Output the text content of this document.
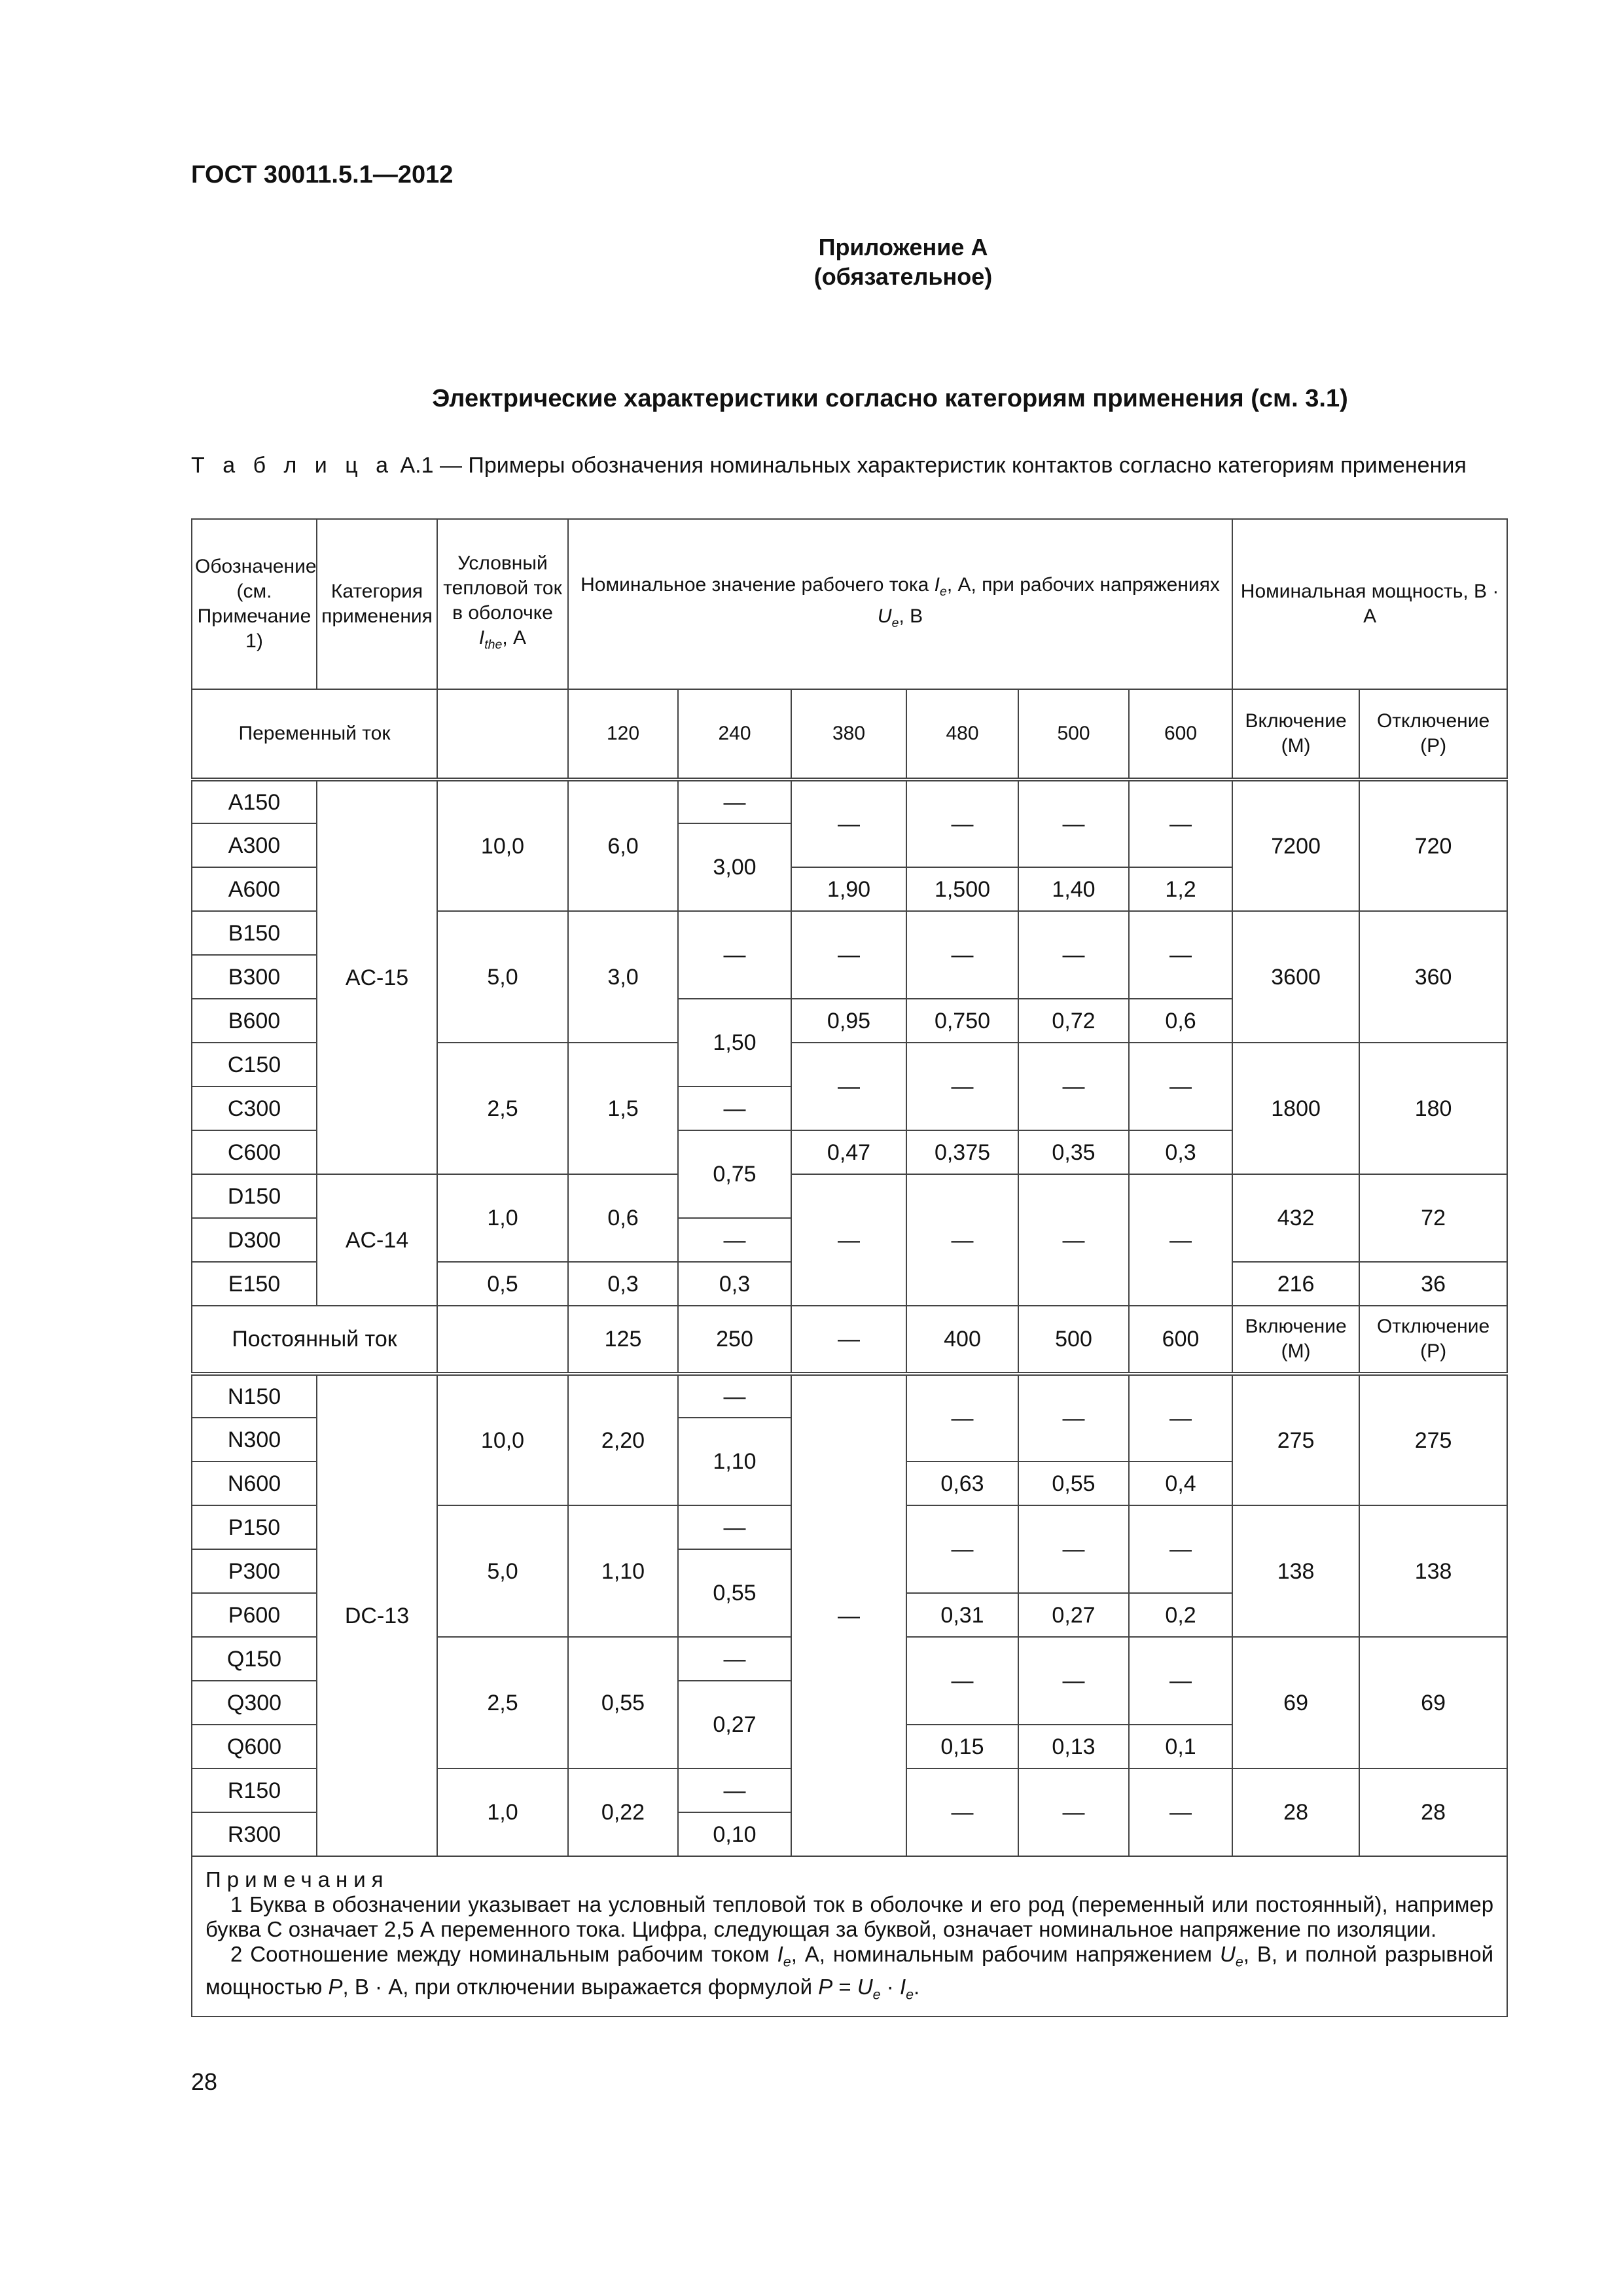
ГОСТ 30011.5.1—2012
Приложение А
(обязательное)
Электрические характеристики согласно категориям применения (см. 3.1)
Т а б л и ц а А.1 — Примеры обозначения номинальных характеристик контактов согласно категориям применения
Обозначение (см. Примечание 1)	Категория применения	Условный тепловой ток в оболочке $I_{the}$, А	Номинальное значение рабочего тока $I_e$, А, при рабочих напряжениях $U_e$, В						Номинальная мощность, В · А	
Переменный ток			120	240	380	480	500	600	Включение (М)	Отключение (Р)
A150	AC-15	10,0	6,0	—	—	—	—	—	7200	720
A300				3,00						
A600					1,90	1,500	1,40	1,2		
B150		5,0	3,0	—	—	—	—	—	3600	360
B300										
B600				1,50	0,95	0,750	0,72	0,6		
C150		2,5	1,5		—	—	—	—	1800	180
C300				—						
C600				0,75	0,47	0,375	0,35	0,3		
D150	AC-14	1,0	0,6		—	—	—	—	432	72
D300				—						
E150		0,5	0,3	0,3					216	36
Постоянный ток			125	250	—	400	500	600	Включение (М)	Отключение (Р)
N150	DC-13	10,0	2,20	—	—	—	—	—	275	275
N300				1,10						
N600						0,63	0,55	0,4		
P150		5,0	1,10	—		—	—	—	138	138
P300				0,55						
P600						0,31	0,27	0,2		
Q150		2,5	0,55	—		—	—	—	69	69
Q300				0,27						
Q600						0,15	0,13	0,1		
R150		1,0	0,22	—		—	—	—	28	28
R300				0,10						

Примечания

1 Буква в обозначении указывает на условный тепловой ток в оболочке и его род (переменный или постоянный), например буква С означает 2,5 А переменного тока. Цифра, следующая за буквой, означает номинальное напряжение по изоляции.

2 Соотношение между номинальным рабочим током $I_e$, А, номинальным рабочим напряжением $U_e$, В, и полной разрывной мощностью P, В · А, при отключении выражается формулой $P = U_e \cdot I_e$.										

28
